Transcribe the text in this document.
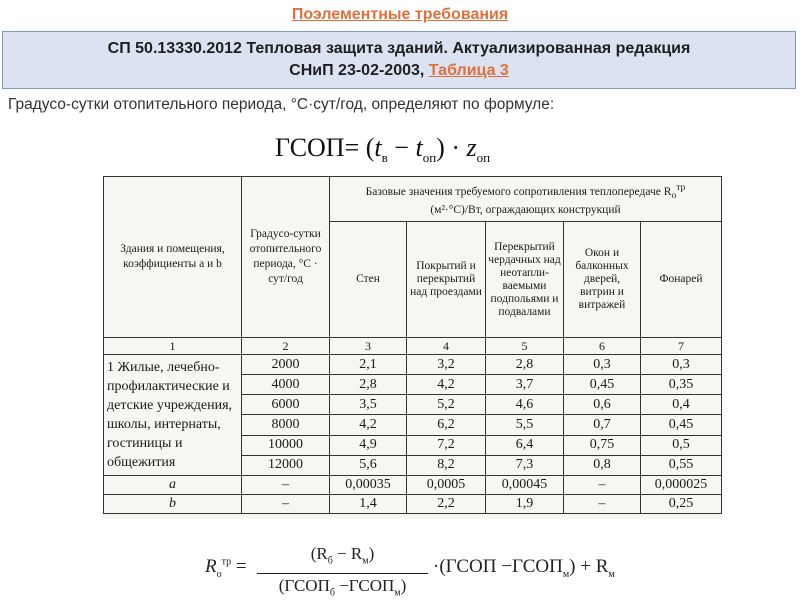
Поэлементные требования
СП 50.13330.2012 Тепловая защита зданий. Актуализированная редакция
СНиП 23-02-2003, Таблица 3
Градусо-сутки отопительного периода, °С·сут/год, определяют по формуле:
ГСОП= $(t_в - t_{оп}) \cdot z_{оп}$
Здания и помещения, коэффициенты a и b	Градусо-сутки отопительного периода, °С · сут/год	Базовые значения требуемого сопротивления теплопередаче $R_о^{тр}$
(м²·°С)/Вт, ограждающих конструкций				
		Стен	Покрытий и перекрытий над проездами	Перекрытий чердачных над неотапли-ваемыми подпольями и подвалами	Окон и балконных дверей, витрин и витражей	Фонарей
1	2	3	4	5	6	7
1 Жилые, лечебно-профилактические и детские учреждения, школы, интернаты, гостиницы и общежития	2000	2,1	3,2	2,8	0,3	0,3
	4000	2,8	4,2	3,7	0,45	0,35
	6000	3,5	5,2	4,6	0,6	0,4
	8000	4,2	6,2	5,5	0,7	0,45
	10000	4,9	7,2	6,4	0,75	0,5
	12000	5,6	8,2	7,3	0,8	0,55
a	–	0,00035	0,0005	0,00045	–	0,000025
b	–	1,4	2,2	1,9	–	0,25
$R_о^{тр}$ =
$(R_б - R_м)$
($ГСОП_б$ $-ГСОП_м$)
·(ГСОП $-ГСОП_м) + R_м$
